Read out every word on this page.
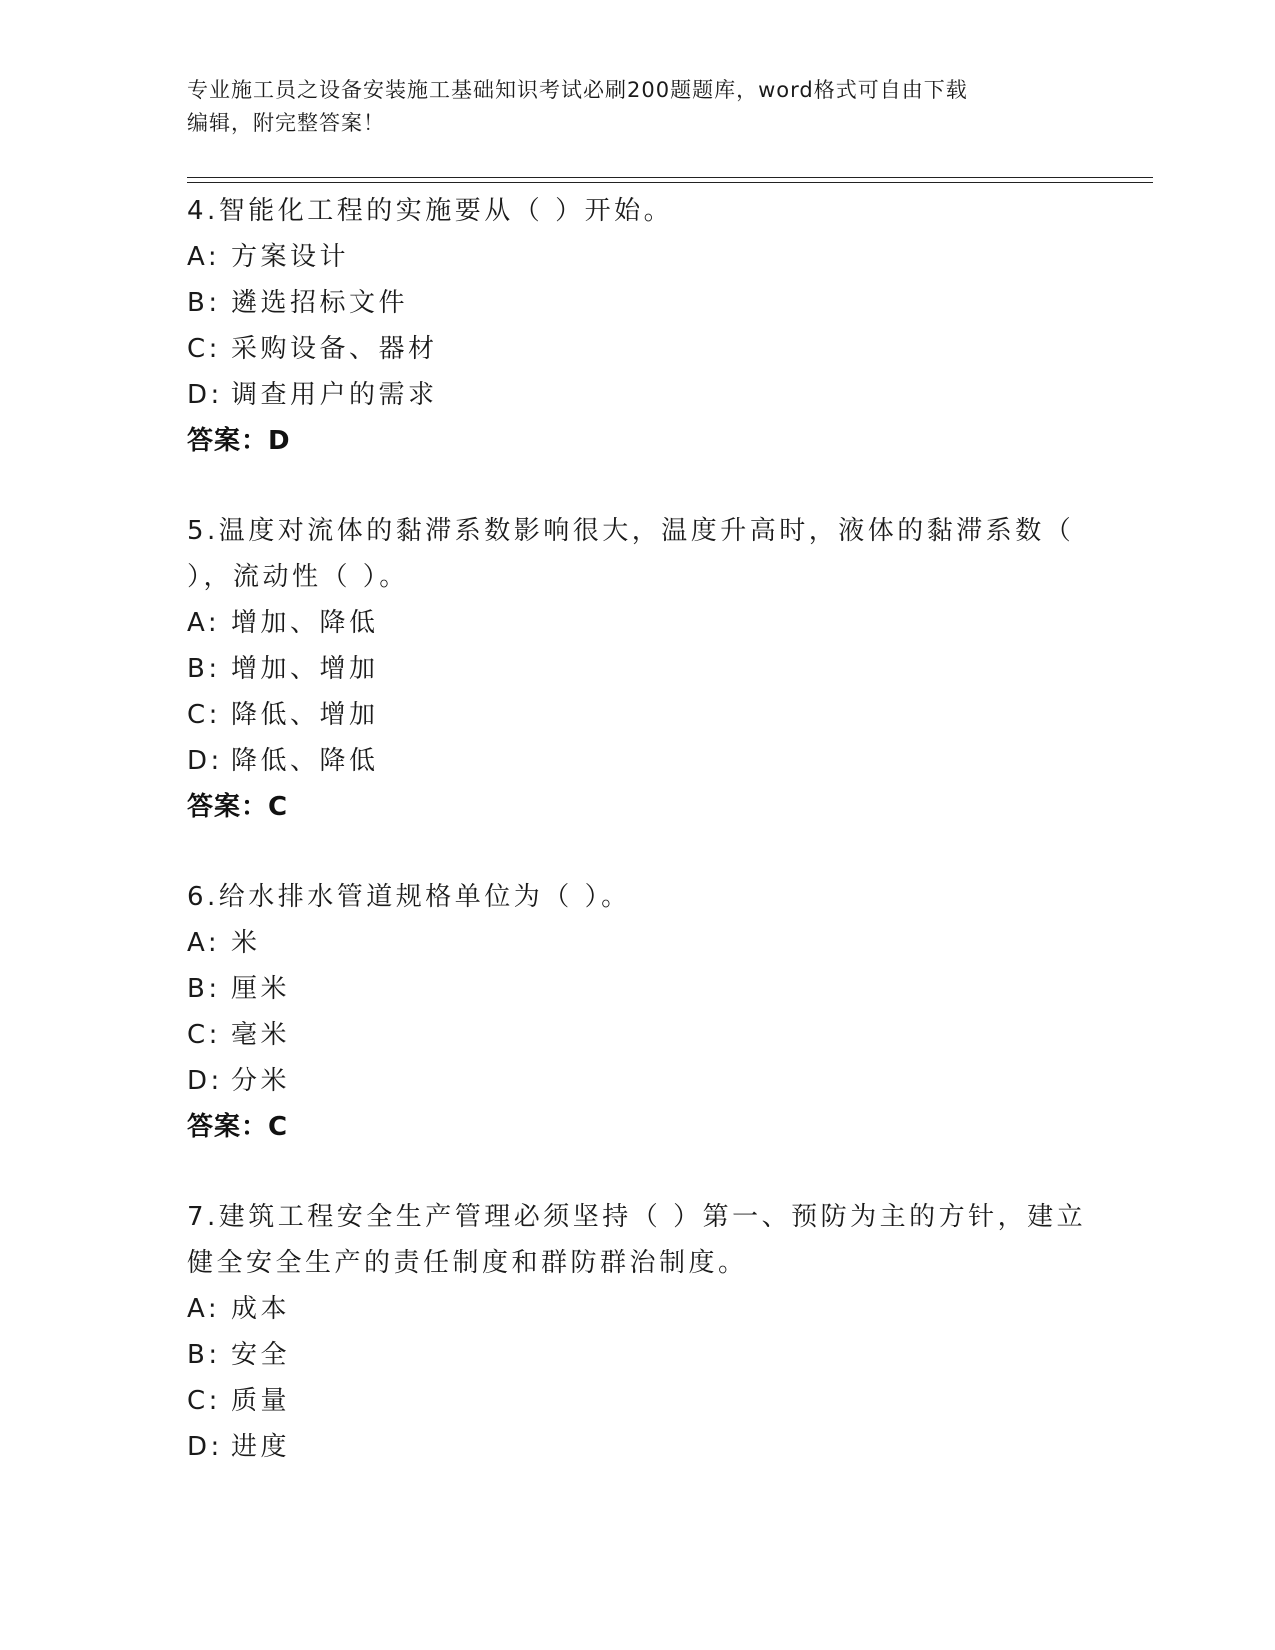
专业施工员之设备安装施工基础知识考试必刷200题题库，word格式可自由下载
编辑，附完整答案！
4.智能化工程的实施要从（ ）开始。
A: 方案设计
B: 遴选招标文件
C: 采购设备、器材
D: 调查用户的需求
答案：D
5.温度对流体的黏滞系数影响很大，温度升高时，液体的黏滞系数（
），流动性（ ）。
A: 增加、降低
B: 增加、增加
C: 降低、增加
D: 降低、降低
答案：C
6.给水排水管道规格单位为（ ）。
A: 米
B: 厘米
C: 毫米
D: 分米
答案：C
7.建筑工程安全生产管理必须坚持（ ）第一、预防为主的方针，建立
健全安全生产的责任制度和群防群治制度。
A: 成本
B: 安全
C: 质量
D: 进度
